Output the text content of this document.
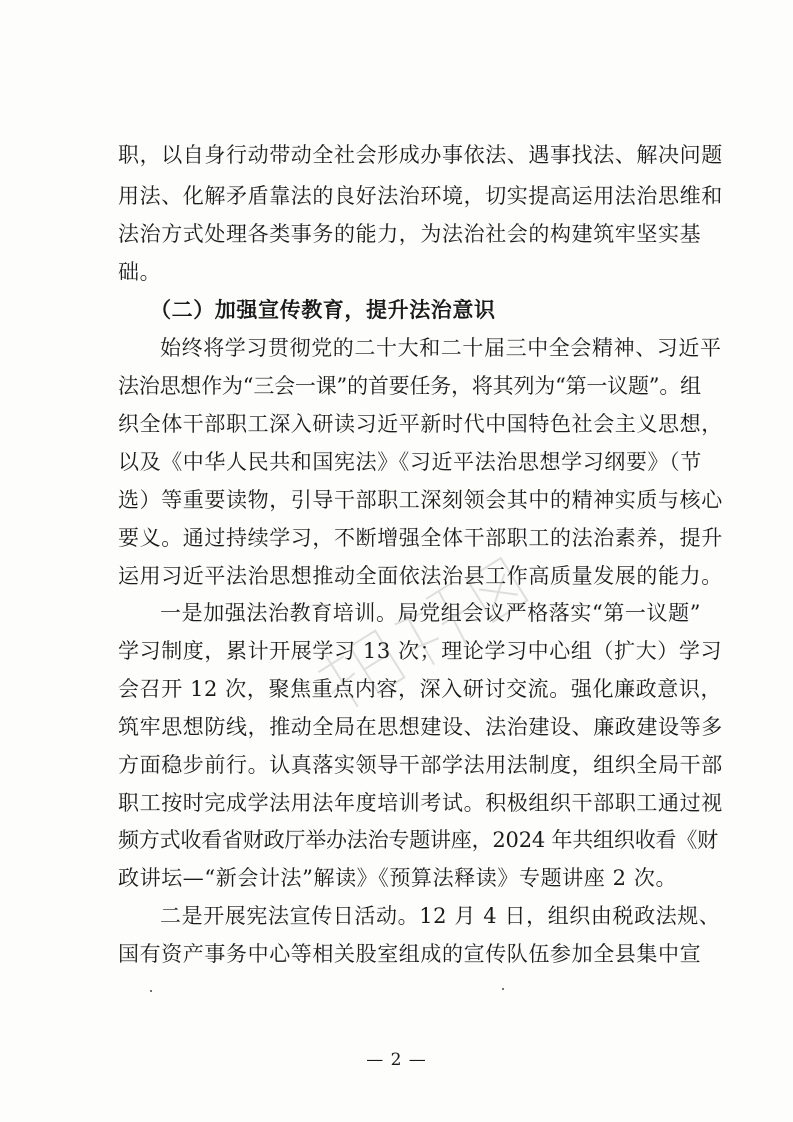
职，以自身行动带动全社会形成办事依法、遇事找法、解决问题
用法、化解矛盾靠法的良好法治环境，切实提高运用法治思维和
法治方式处理各类事务的能力，为法治社会的构建筑牢坚实基
础。
（二）加强宣传教育，提升法治意识
始终将学习贯彻党的二十大和二十届三中全会精神、习近平
法治思想作为“三会一课”的首要任务，将其列为“第一议题”。组
织全体干部职工深入研读习近平新时代中国特色社会主义思想，
以及《中华人民共和国宪法》《习近平法治思想学习纲要》（节
选）等重要读物，引导干部职工深刻领会其中的精神实质与核心
要义。通过持续学习，不断增强全体干部职工的法治素养，提升
运用习近平法治思想推动全面依法治县工作高质量发展的能力。
一是加强法治教育培训。局党组会议严格落实“第一议题”
学习制度，累计开展学习 13 次；理论学习中心组（扩大）学习
会召开 12 次，聚焦重点内容，深入研讨交流。强化廉政意识，
筑牢思想防线，推动全局在思想建设、法治建设、廉政建设等多
方面稳步前行。认真落实领导干部学法用法制度，组织全局干部
职工按时完成学法用法年度培训考试。积极组织干部职工通过视
频方式收看省财政厅举办法治专题讲座，2024 年共组织收看《财
政讲坛—“新会计法”解读》《预算法释读》专题讲座 2 次。
二是开展宪法宣传日活动。12 月 4 日，组织由税政法规、
国有资产事务中心等相关股室组成的宣传队伍参加全县集中宣
— 2 —
